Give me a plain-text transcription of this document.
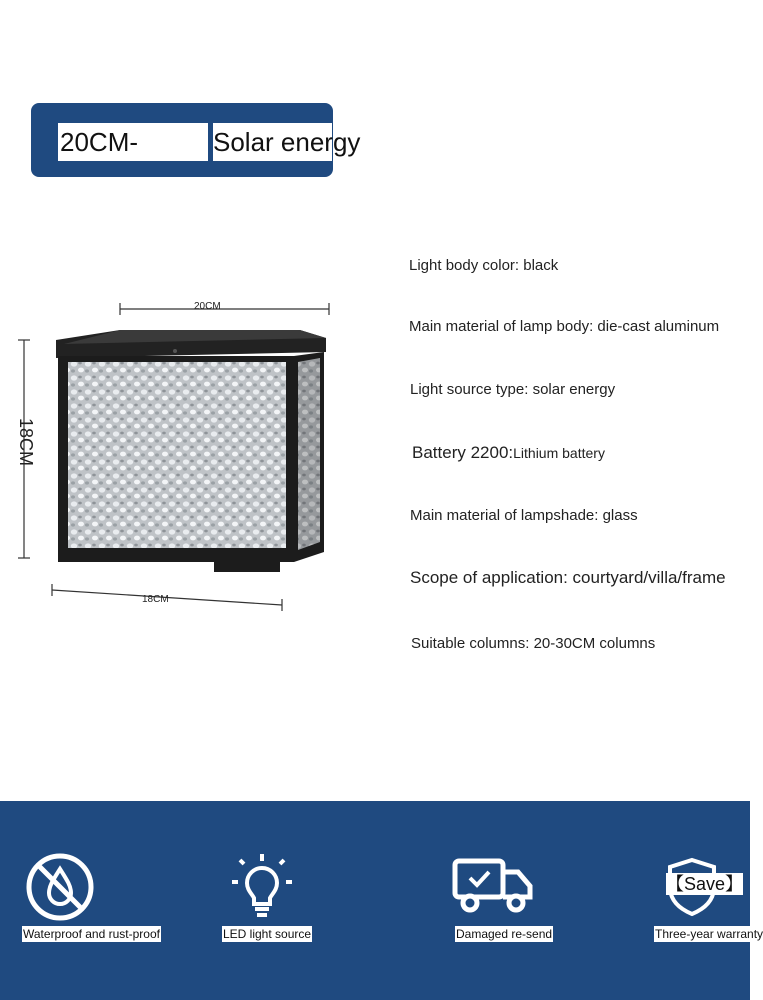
20CM-	Solar energy
20CM
18CM
18CM
Light body color: black
Main material of lamp body: die-cast aluminum
Light source type: solar energy
Battery 2200:Lithium battery
Main material of lampshade: glass
Scope of application: courtyard/villa/frame
Suitable columns: 20-30CM columns
Waterproof and rust-proof	LED light source	Damaged re-send
【Save】
Three-year warranty
